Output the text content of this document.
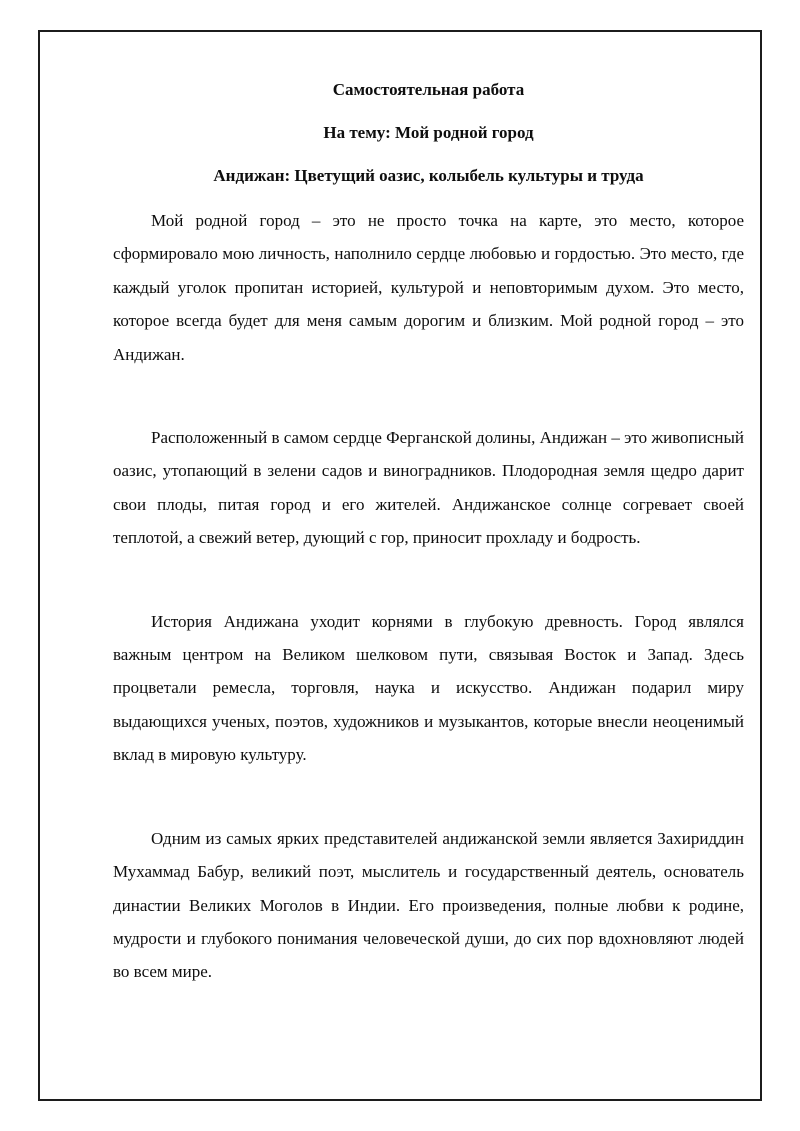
Самостоятельная работа
На тему: Мой родной город
Андижан: Цветущий оазис, колыбель культуры и труда

Мой родной город – это не просто точка на карте, это место, которое сформировало мою личность, наполнило сердце любовью и гордостью. Это место, где каждый уголок пропитан историей, культурой и неповторимым духом. Это место, которое всегда будет для меня самым дорогим и близким. Мой родной город – это Андижан.

Расположенный в самом сердце Ферганской долины, Андижан – это живописный оазис, утопающий в зелени садов и виноградников. Плодородная земля щедро дарит свои плоды, питая город и его жителей. Андижанское солнце согревает своей теплотой, а свежий ветер, дующий с гор, приносит прохладу и бодрость.

История Андижана уходит корнями в глубокую древность. Город являлся важным центром на Великом шелковом пути, связывая Восток и Запад. Здесь процветали ремесла, торговля, наука и искусство. Андижан подарил миру выдающихся ученых, поэтов, художников и музыкантов, которые внесли неоценимый вклад в мировую культуру.

Одним из самых ярких представителей андижанской земли является Захириддин Мухаммад Бабур, великий поэт, мыслитель и государственный деятель, основатель династии Великих Моголов в Индии. Его произведения, полные любви к родине, мудрости и глубокого понимания человеческой души, до сих пор вдохновляют людей во всем мире.
